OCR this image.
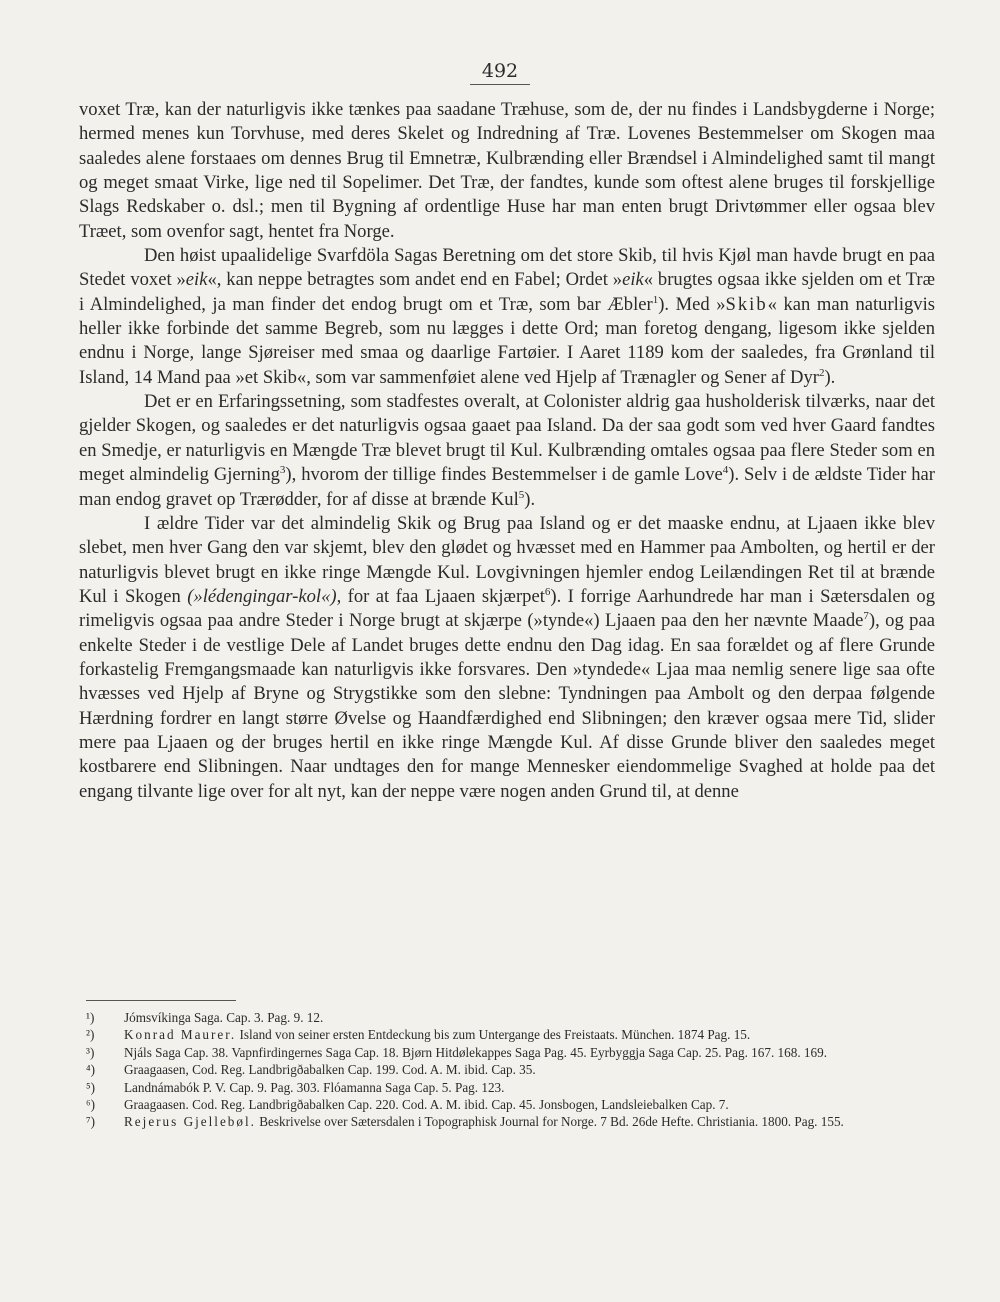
492

voxet Træ, kan der naturligvis ikke tænkes paa saadane Træhuse, som de, der nu findes i Landsbygderne i Norge; hermed menes kun Torvhuse, med deres Skelet og Indredning af Træ. Lovenes Bestemmelser om Skogen maa saaledes alene forstaaes om dennes Brug til Emnetræ, Kulbrænding eller Brændsel i Almindelighed samt til mangt og meget smaat Virke, lige ned til Sopelimer. Det Træ, der fandtes, kunde som oftest alene bruges til forskjellige Slags Redskaber o. dsl.; men til Bygning af ordentlige Huse har man enten brugt Drivtømmer eller ogsaa blev Træet, som ovenfor sagt, hentet fra Norge.

Den høist upaalidelige Svarfdöla Sagas Beretning om det store Skib, til hvis Kjøl man havde brugt en paa Stedet voxet »eik«, kan neppe betragtes som andet end en Fabel; Ordet »eik« brugtes ogsaa ikke sjelden om et Træ i Almindelighed, ja man finder det endog brugt om et Træ, som bar Æbler$^1$). Med »Skib« kan man naturligvis heller ikke forbinde det samme Begreb, som nu lægges i dette Ord; man foretog dengang, ligesom ikke sjelden endnu i Norge, lange Sjøreiser med smaa og daarlige Fartøier. I Aaret 1189 kom der saaledes, fra Grønland til Island, 14 Mand paa »et Skib«, som var sammenføiet alene ved Hjelp af Trænagler og Sener af Dyr$^2$).

Det er en Erfaringssetning, som stadfestes overalt, at Colonister aldrig gaa husholderisk tilværks, naar det gjelder Skogen, og saaledes er det naturligvis ogsaa gaaet paa Island. Da der saa godt som ved hver Gaard fandtes en Smedje, er naturligvis en Mængde Træ blevet brugt til Kul. Kulbrænding omtales ogsaa paa flere Steder som en meget almindelig Gjerning$^3$), hvorom der tillige findes Bestemmelser i de gamle Love$^4$). Selv i de ældste Tider har man endog gravet op Trærødder, for af disse at brænde Kul$^5$).

I ældre Tider var det almindelig Skik og Brug paa Island og er det maaske endnu, at Ljaaen ikke blev slebet, men hver Gang den var skjemt, blev den glødet og hvæsset med en Hammer paa Ambolten, og hertil er der naturligvis blevet brugt en ikke ringe Mængde Kul. Lovgivningen hjemler endog Leilændingen Ret til at brænde Kul i Skogen (»lédengingar-kol«), for at faa Ljaaen skjærpet$^6$). I forrige Aarhundrede har man i Sætersdalen og rimeligvis ogsaa paa andre Steder i Norge brugt at skjærpe (»tynde«) Ljaaen paa den her nævnte Maade$^7$), og paa enkelte Steder i de vestlige Dele af Landet bruges dette endnu den Dag idag. En saa forældet og af flere Grunde forkastelig Fremgangsmaade kan naturligvis ikke forsvares. Den »tyndede« Ljaa maa nemlig senere lige saa ofte hvæsses ved Hjelp af Bryne og Strygstikke som den slebne: Tyndningen paa Ambolt og den derpaa følgende Hærdning fordrer en langt større Øvelse og Haandfærdighed end Slibningen; den kræver ogsaa mere Tid, slider mere paa Ljaaen og der bruges hertil en ikke ringe Mængde Kul. Af disse Grunde bliver den saaledes meget kostbarere end Slibningen. Naar undtages den for mange Mennesker eiendommelige Svaghed at holde paa det engang tilvante lige over for alt nyt, kan der neppe være nogen anden Grund til, at denne

¹)	Jómsvíkinga Saga. Cap. 3. Pag. 9. 12.
²)	Konrad Maurer. Island von seiner ersten Entdeckung bis zum Untergange des Freistaats. München. 1874 Pag. 15.
³)	Njáls Saga Cap. 38. Vapnfirdingernes Saga Cap. 18. Bjørn Hitdølekappes Saga Pag. 45. Eyrbyggja Saga Cap. 25. Pag. 167. 168. 169.
⁴)	Graagaasen, Cod. Reg. Landbrigðabalken Cap. 199. Cod. A. M. ibid. Cap. 35.
⁵)	Landnámabók P. V. Cap. 9. Pag. 303. Flóamanna Saga Cap. 5. Pag. 123.
⁶)	Graagaasen. Cod. Reg. Landbrigðabalken Cap. 220. Cod. A. M. ibid. Cap. 45. Jonsbogen, Landsleiebalken Cap. 7.
⁷)	Rejerus Gjellebøl. Beskrivelse over Sætersdalen i Topographisk Journal for Norge. 7 Bd. 26de Hefte. Christiania. 1800. Pag. 155.
